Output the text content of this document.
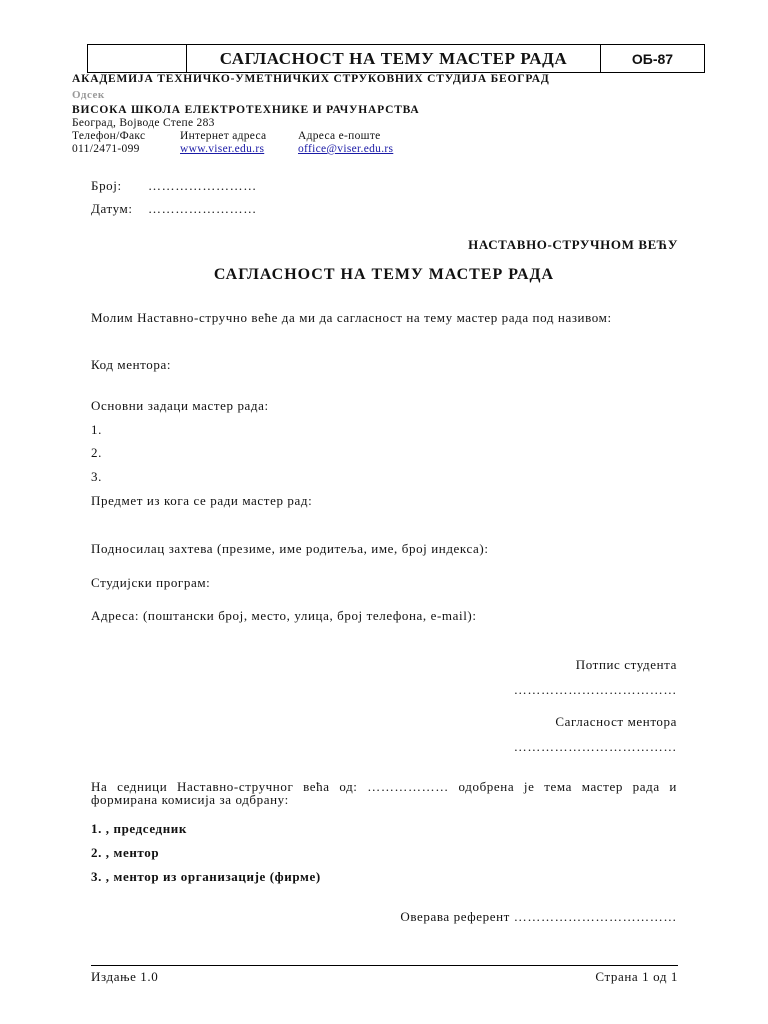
САГЛАСНОСТ НА ТЕМУ МАСТЕР РАДА	ОБ-87
АКАДЕМИЈА ТЕХНИЧКО-УМЕТНИЧКИХ СТРУКОВНИХ СТУДИЈА БЕОГРАД
Одсек
ВИСОКА ШКОЛА ЕЛЕКТРОТЕХНИКЕ И РАЧУНАРСТВА
Београд, Војводе Степе 283
Телефон/Факс	Интернет адреса	Адреса е-поште
011/2471-099	www.viser.edu.rs	office@viser.edu.rs
Број: ……………………
Датум: ……………………
НАСТАВНО-СТРУЧНОМ ВЕЋУ
САГЛАСНОСТ НА ТЕМУ МАСТЕР РАДА
Молим Наставно-стручно веће да ми да сагласност на тему мастер рада под називом:
Код ментора:
Основни задаци мастер рада:
1.
2.
3.
Предмет из кога се ради мастер рад:
Подносилац захтева (презиме, име родитеља, име, број индекса):
Студијски програм:
Адреса: (поштански број, место, улица, број телефона, е-mail):
Потпис студента
………………………………
Сагласност ментора
………………………………
На седници Наставно-стручног већа од: ……………… одобрена је тема мастер рада и формирана комисија за одбрану:
1. , председник
2. , ментор
3. , ментор из организације (фирме)
Оверава референт ………………………………
Издање 1.0	Страна 1 од 1
